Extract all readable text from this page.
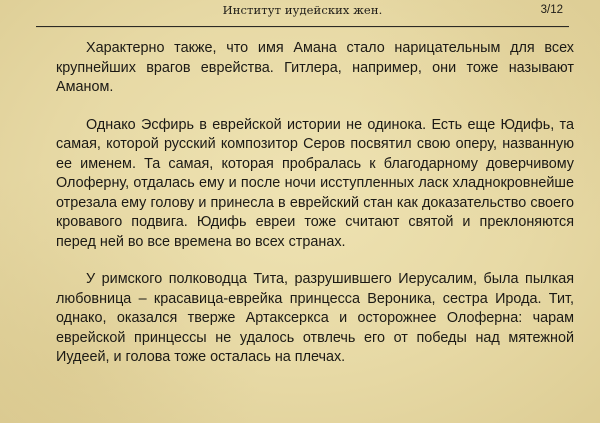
Институт иудейских жен.	3/12

Характерно также, что имя Амана стало нарицательным для всех крупнейших врагов еврейства. Гитлера, например, они тоже называют Аманом.

Однако Эсфирь в еврейской истории не одинока. Есть еще Юдифь, та самая, которой русский композитор Серов посвятил свою оперу, названную ее именем. Та самая, которая пробралась к благодарному доверчивому Олоферну, отдалась ему и после ночи исступленных ласк хладнокровнейше отрезала ему голову и принесла в еврейский стан как доказательство своего кровавого подвига. Юдифь евреи тоже считают святой и преклоняются перед ней во все времена во всех странах.

У римского полководца Тита, разрушившего Иерусалим, была пылкая любовница – красавица-еврейка принцесса Вероника, сестра Ирода. Тит, однако, оказался тверже Артаксеркса и осторожнее Олоферна: чарам еврейской принцессы не удалось отвлечь его от победы над мятежной Иудеей, и голова тоже осталась на плечах.
